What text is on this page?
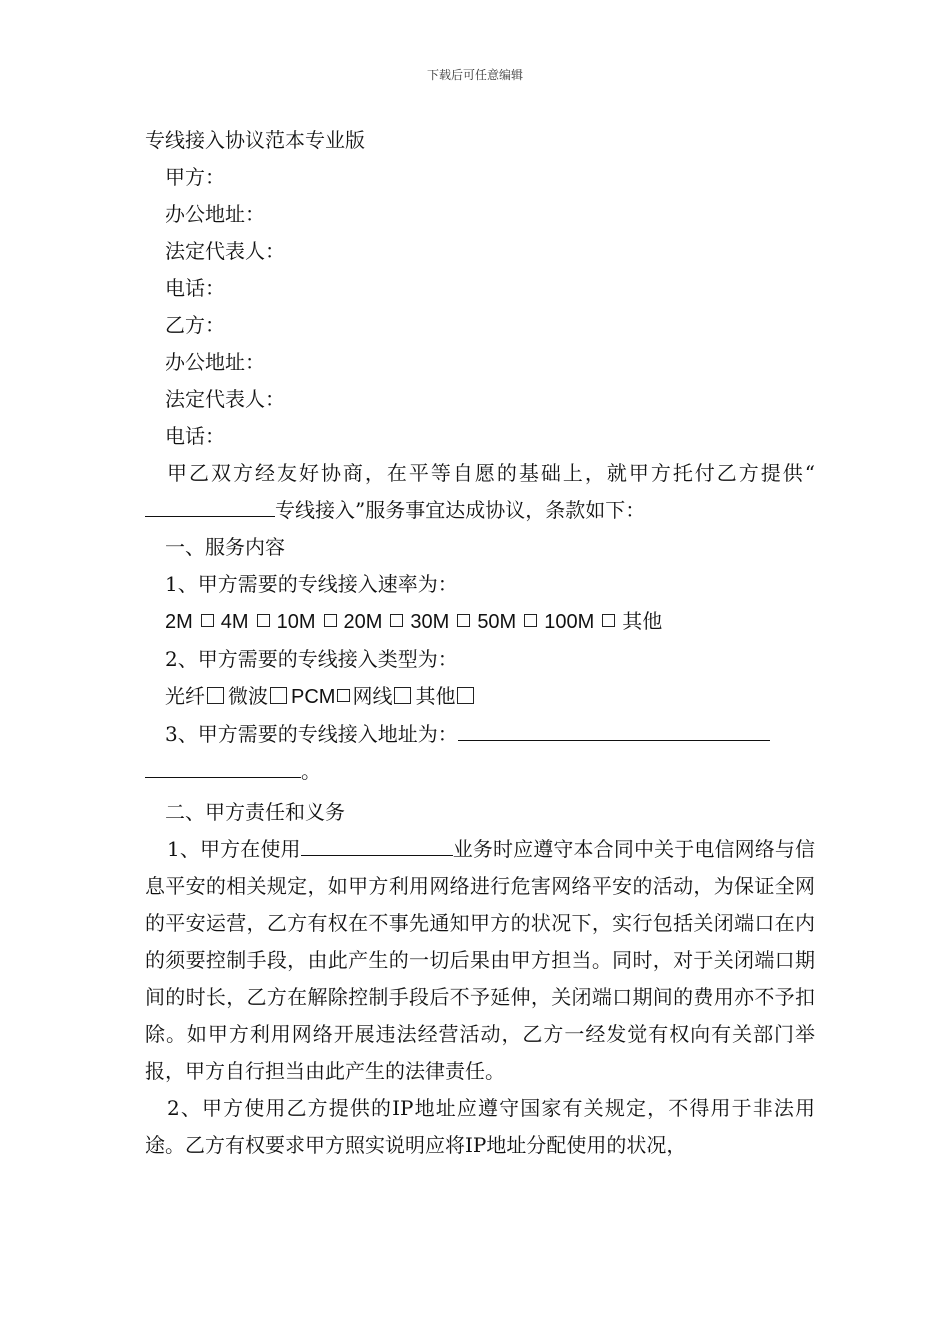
下载后可任意编辑
专线接入协议范本专业版
甲方：
办公地址：
法定代表人：
电话：
乙方：
办公地址：
法定代表人：
电话：
甲乙双方经友好协商，在平等自愿的基础上，就甲方托付乙方提供“专线接入”服务事宜达成协议，条款如下：
一、服务内容
1、甲方需要的专线接入速率为：
2M 4M 10M 20M 30M 50M 100M 其他
2、甲方需要的专线接入类型为：
光纤 微波 PCM 网线 其他
3、甲方需要的专线接入地址为：
。
二、甲方责任和义务
1、甲方在使用	业务时应遵守本合同中关于电信网络与信息平安的相关规定，如甲方利用网络进行危害网络平安的活动，为保证全网的平安运营，乙方有权在不事先通知甲方的状况下，实行包括关闭端口在内的须要控制手段，由此产生的一切后果由甲方担当。同时，对于关闭端口期间的时长，乙方在解除控制手段后不予延伸，关闭端口期间的费用亦不予扣除。如甲方利用网络开展违法经营活动，乙方一经发觉有权向有关部门举报，甲方自行担当由此产生的法律责任。
2、甲方使用乙方提供的IP地址应遵守国家有关规定，不得用于非法用途。乙方有权要求甲方照实说明应将IP地址分配使用的状况，
